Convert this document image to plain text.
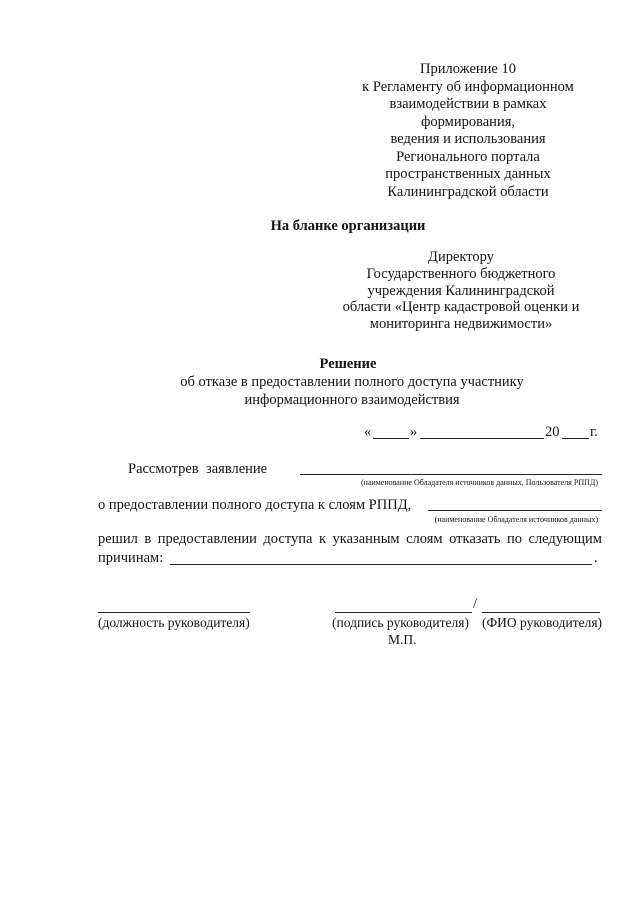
Приложение 10
к Регламенту об информационном
взаимодействии в рамках
формирования,
ведения и использования
Регионального портала
пространственных данных
Калининградской области
На бланке организации
Директору
Государственного бюджетного
учреждения Калининградской
области «Центр кадастровой оценки и
мониторинга недвижимости»
Решение
об отказе в предоставлении полного доступа участнику
информационного взаимодействия
«	»	20 г.
Рассмотрев заявление
(наименование Обладателя источников данных, Пользователя РППД)
о предоставлении полного доступа к слоям РППД,
(наименование Обладателя источников данных)
решил в предоставлении доступа к указанным слоям отказать по следующим
причинам:	.
/
(должность руководителя)	(подпись руководителя) (ФИО руководителя)
М.П.
